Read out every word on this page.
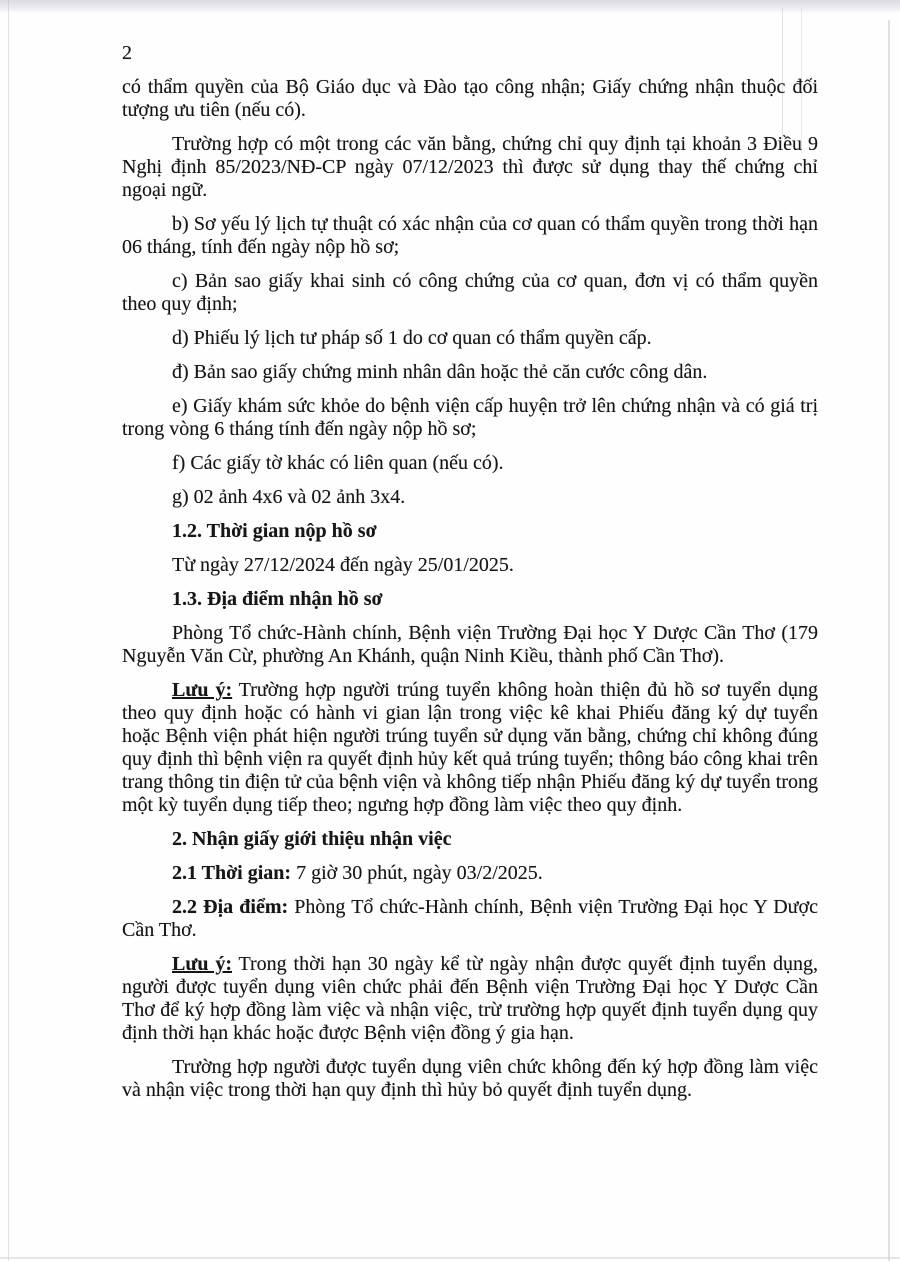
2

có thẩm quyền của Bộ Giáo dục và Đào tạo công nhận; Giấy chứng nhận thuộc đối tượng ưu tiên (nếu có).

Trường hợp có một trong các văn bằng, chứng chỉ quy định tại khoản 3 Điều 9 Nghị định 85/2023/NĐ-CP ngày 07/12/2023 thì được sử dụng thay thế chứng chỉ ngoại ngữ.

b) Sơ yếu lý lịch tự thuật có xác nhận của cơ quan có thẩm quyền trong thời hạn 06 tháng, tính đến ngày nộp hồ sơ;

c) Bản sao giấy khai sinh có công chứng của cơ quan, đơn vị có thẩm quyền theo quy định;

d) Phiếu lý lịch tư pháp số 1 do cơ quan có thẩm quyền cấp.

đ) Bản sao giấy chứng minh nhân dân hoặc thẻ căn cước công dân.

e) Giấy khám sức khỏe do bệnh viện cấp huyện trở lên chứng nhận và có giá trị trong vòng 6 tháng tính đến ngày nộp hồ sơ;

f) Các giấy tờ khác có liên quan (nếu có).

g) 02 ảnh 4x6 và 02 ảnh 3x4.

1.2. Thời gian nộp hồ sơ

Từ ngày 27/12/2024 đến ngày 25/01/2025.

1.3. Địa điểm nhận hồ sơ

Phòng Tổ chức-Hành chính, Bệnh viện Trường Đại học Y Dược Cần Thơ (179 Nguyễn Văn Cừ, phường An Khánh, quận Ninh Kiều, thành phố Cần Thơ).

Lưu ý: Trường hợp người trúng tuyển không hoàn thiện đủ hồ sơ tuyển dụng theo quy định hoặc có hành vi gian lận trong việc kê khai Phiếu đăng ký dự tuyển hoặc Bệnh viện phát hiện người trúng tuyển sử dụng văn bằng, chứng chỉ không đúng quy định thì bệnh viện ra quyết định hủy kết quả trúng tuyển; thông báo công khai trên trang thông tin điện tử của bệnh viện và không tiếp nhận Phiếu đăng ký dự tuyển trong một kỳ tuyển dụng tiếp theo; ngưng hợp đồng làm việc theo quy định.

2. Nhận giấy giới thiệu nhận việc

2.1 Thời gian: 7 giờ 30 phút, ngày 03/2/2025.

2.2 Địa điểm: Phòng Tổ chức-Hành chính, Bệnh viện Trường Đại học Y Dược Cần Thơ.

Lưu ý: Trong thời hạn 30 ngày kể từ ngày nhận được quyết định tuyển dụng, người được tuyển dụng viên chức phải đến Bệnh viện Trường Đại học Y Dược Cần Thơ để ký hợp đồng làm việc và nhận việc, trừ trường hợp quyết định tuyển dụng quy định thời hạn khác hoặc được Bệnh viện đồng ý gia hạn.

Trường hợp người được tuyển dụng viên chức không đến ký hợp đồng làm việc và nhận việc trong thời hạn quy định thì hủy bỏ quyết định tuyển dụng.
